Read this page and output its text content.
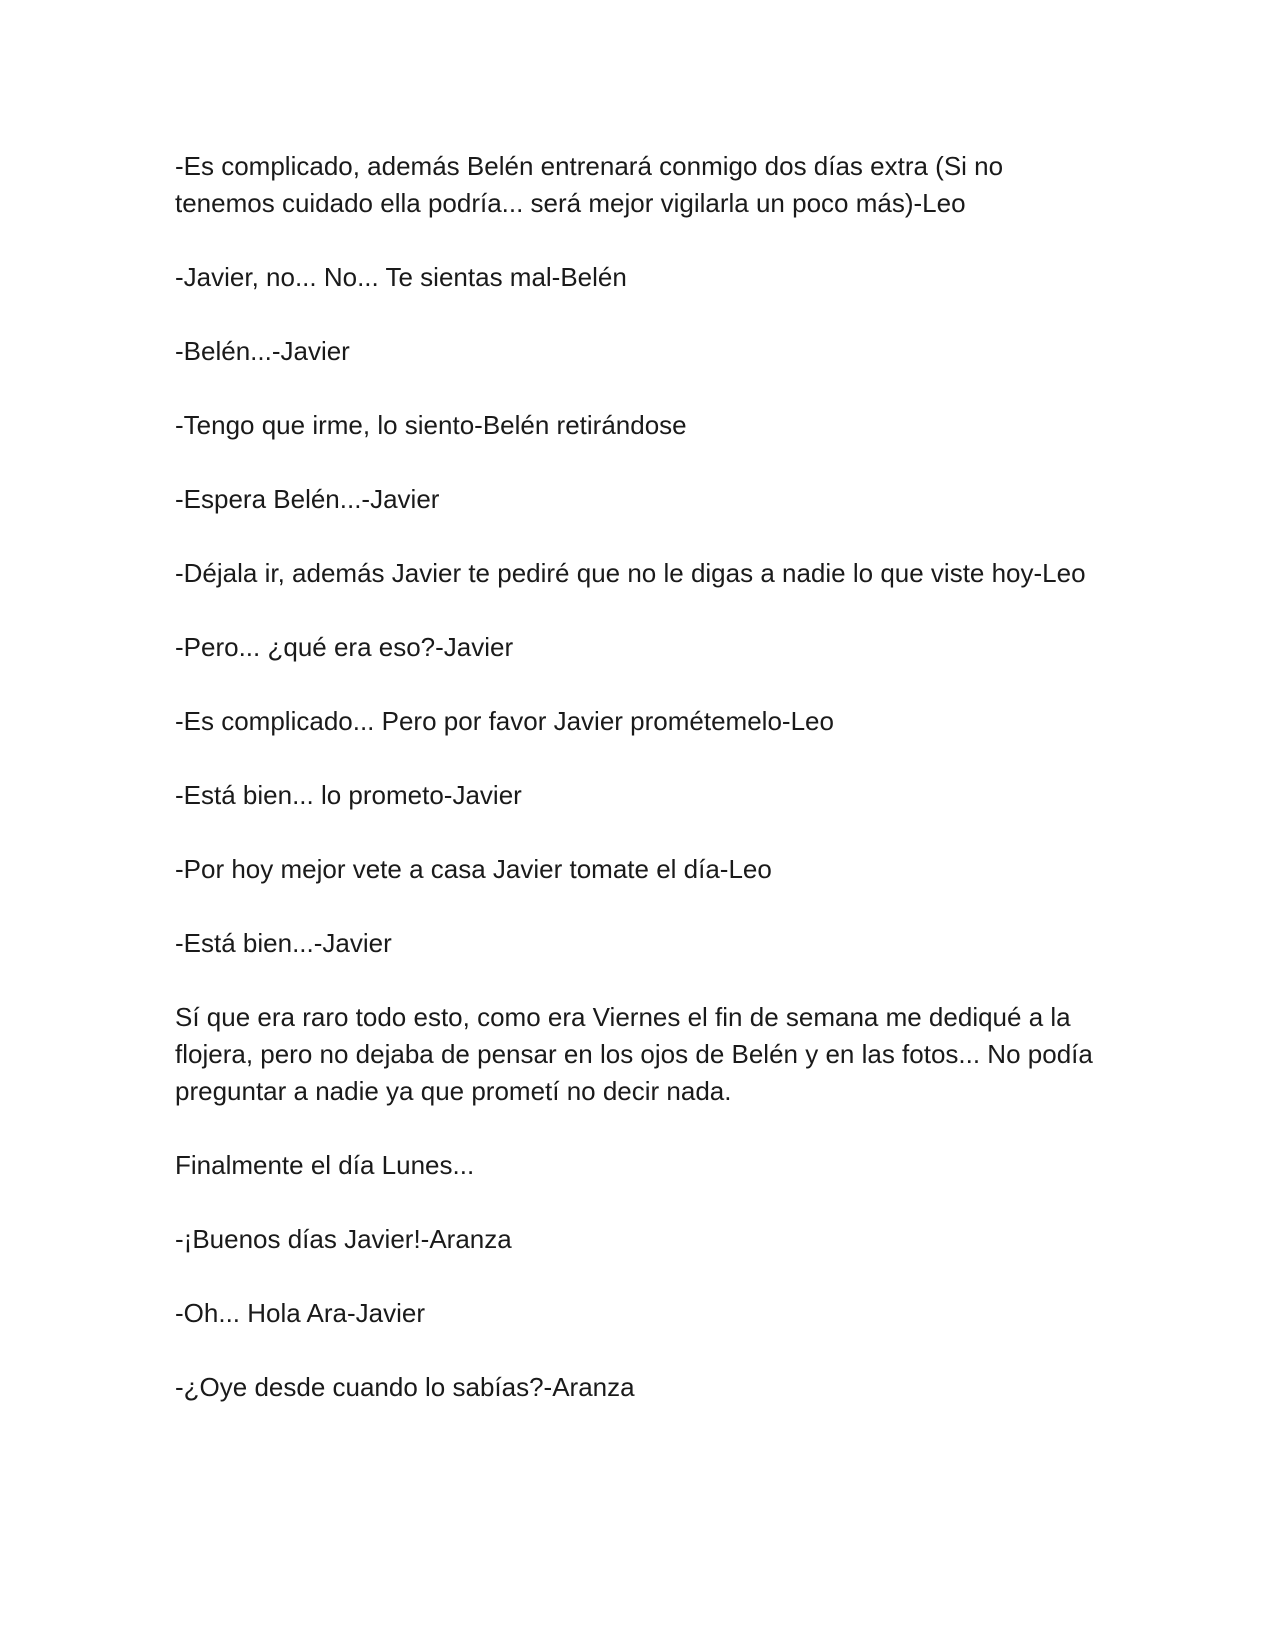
-Es complicado, además Belén entrenará conmigo dos días extra (Si no tenemos cuidado ella podría... será mejor vigilarla un poco más)-Leo

-Javier, no... No... Te sientas mal-Belén

-Belén...-Javier

-Tengo que irme, lo siento-Belén retirándose

-Espera Belén...-Javier

-Déjala ir, además Javier te pediré que no le digas a nadie lo que viste hoy-Leo

-Pero... ¿qué era eso?-Javier

-Es complicado... Pero por favor Javier prométemelo-Leo

-Está bien... lo prometo-Javier

-Por hoy mejor vete a casa Javier tomate el día-Leo

-Está bien...-Javier

Sí que era raro todo esto, como era Viernes el fin de semana me dediqué a la flojera, pero no dejaba de pensar en los ojos de Belén y en las fotos... No podía preguntar a nadie ya que prometí no decir nada.

Finalmente el día Lunes...

-¡Buenos días Javier!-Aranza

-Oh... Hola Ara-Javier

-¿Oye desde cuando lo sabías?-Aranza
